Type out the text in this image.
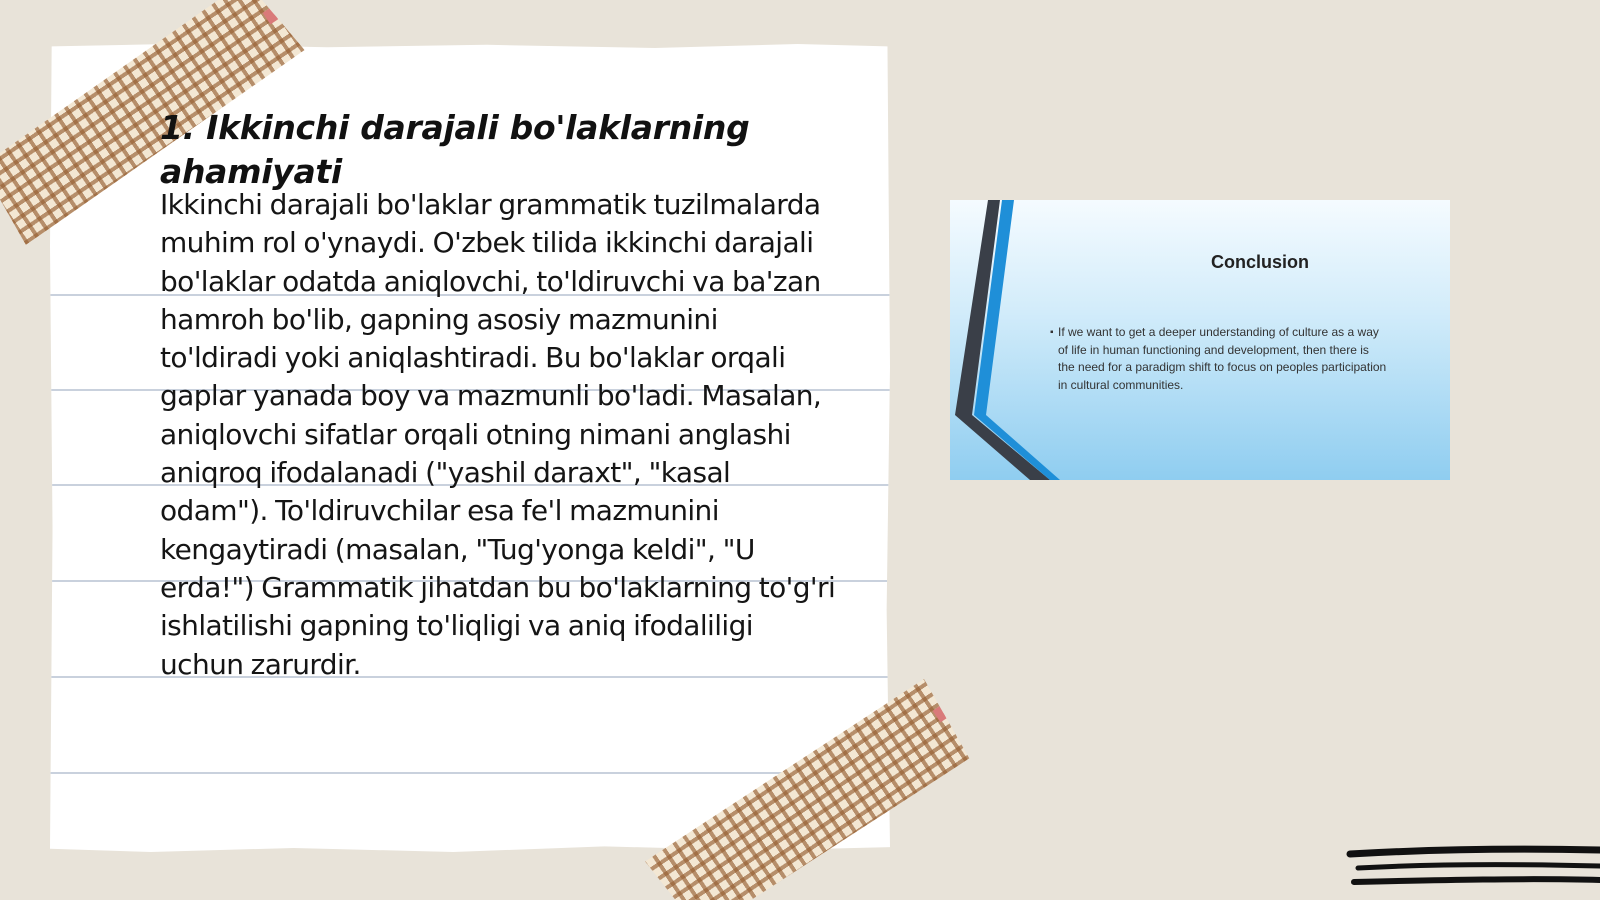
1. Ikkinchi darajali bo'laklarning ahamiyati

Ikkinchi darajali bo'laklar grammatik tuzilmalarda muhim rol o'ynaydi. O'zbek tilida ikkinchi darajali bo'laklar odatda aniqlovchi, to'ldiruvchi va ba'zan hamroh bo'lib, gapning asosiy mazmunini to'ldiradi yoki aniqlashtiradi. Bu bo'laklar orqali gaplar yanada boy va mazmunli bo'ladi. Masalan, aniqlovchi sifatlar orqali otning nimani anglashi aniqroq ifodalanadi ("yashil daraxt", "kasal odam"). To'ldiruvchilar esa fe'l mazmunini kengaytiradi (masalan, "Tug'yonga keldi", "U erda!") Grammatik jihatdan bu bo'laklarning to'g'ri ishlatilishi gapning to'liqligi va aniq ifodaliligi uchun zarurdir.

Conclusion
▪ If we want to get a deeper understanding of culture as a way of life in human functioning and development, then there is the need for a paradigm shift to focus on peoples participation in cultural communities.
